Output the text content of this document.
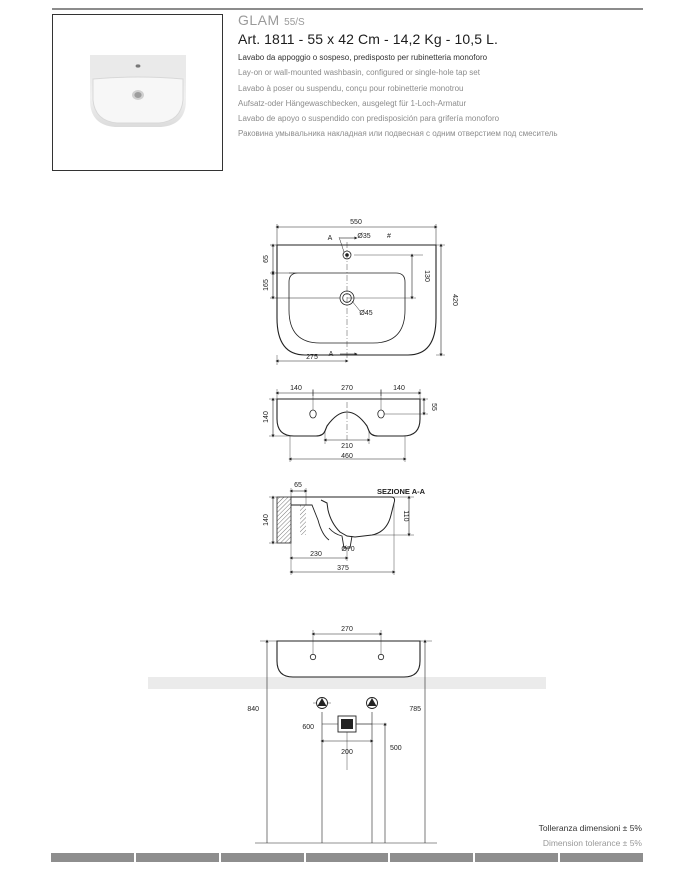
GLAM 55/S
Art. 1811 - 55 x 42 Cm - 14,2 Kg - 10,5 L.
Lavabo da appoggio o sospeso, predisposto per rubinetteria monoforo
Lay-on or wall-mounted washbasin, configured or single-hole tap set
Lavabo à poser ou suspendu, conçu pour robinetterie monotrou
Aufsatz-oder Hängewaschbecken, ausgelegt für 1-Loch-Armatur
Lavabo de apoyo o suspendido con predisposición para grifería monoforo
Раковина умывальника накладная или подвесная с одним отверстием под смеситель
550
A	Ø35 #
65
165
130
420
Ø45
275 A
140	270	140
140
55
210
460
SEZIONE A-A
65
140	110
Ø70
230
375
270
840	785
600
500
200
Tolleranza dimensioni ± 5%
Dimension tolerance ± 5%
